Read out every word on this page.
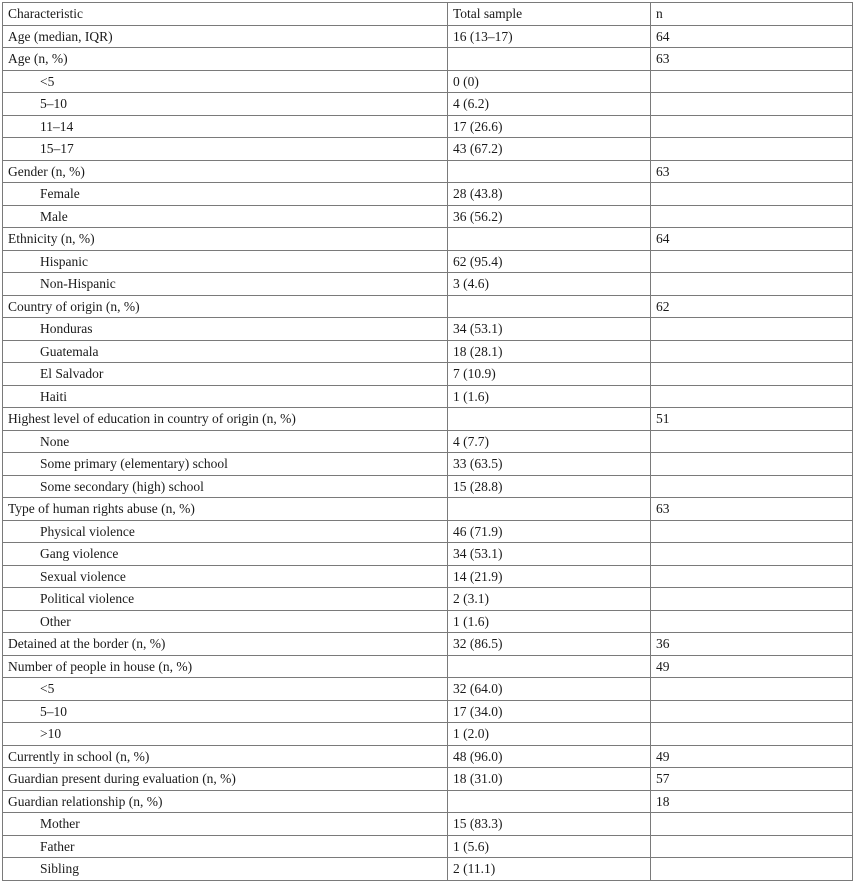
Characteristic	Total sample	n
Age (median, IQR)	16 (13–17)	64
Age (n, %)		63
<5	0 (0)	
5–10	4 (6.2)	
11–14	17 (26.6)	
15–17	43 (67.2)	
Gender (n, %)		63
Female	28 (43.8)	
Male	36 (56.2)	
Ethnicity (n, %)		64
Hispanic	62 (95.4)	
Non-Hispanic	3 (4.6)	
Country of origin (n, %)		62
Honduras	34 (53.1)	
Guatemala	18 (28.1)	
El Salvador	7 (10.9)	
Haiti	1 (1.6)	
Highest level of education in country of origin (n, %)		51
None	4 (7.7)	
Some primary (elementary) school	33 (63.5)	
Some secondary (high) school	15 (28.8)	
Type of human rights abuse (n, %)		63
Physical violence	46 (71.9)	
Gang violence	34 (53.1)	
Sexual violence	14 (21.9)	
Political violence	2 (3.1)	
Other	1 (1.6)	
Detained at the border (n, %)	32 (86.5)	36
Number of people in house (n, %)		49
<5	32 (64.0)	
5–10	17 (34.0)	
>10	1 (2.0)	
Currently in school (n, %)	48 (96.0)	49
Guardian present during evaluation (n, %)	18 (31.0)	57
Guardian relationship (n, %)		18
Mother	15 (83.3)	
Father	1 (5.6)	
Sibling	2 (11.1)	
